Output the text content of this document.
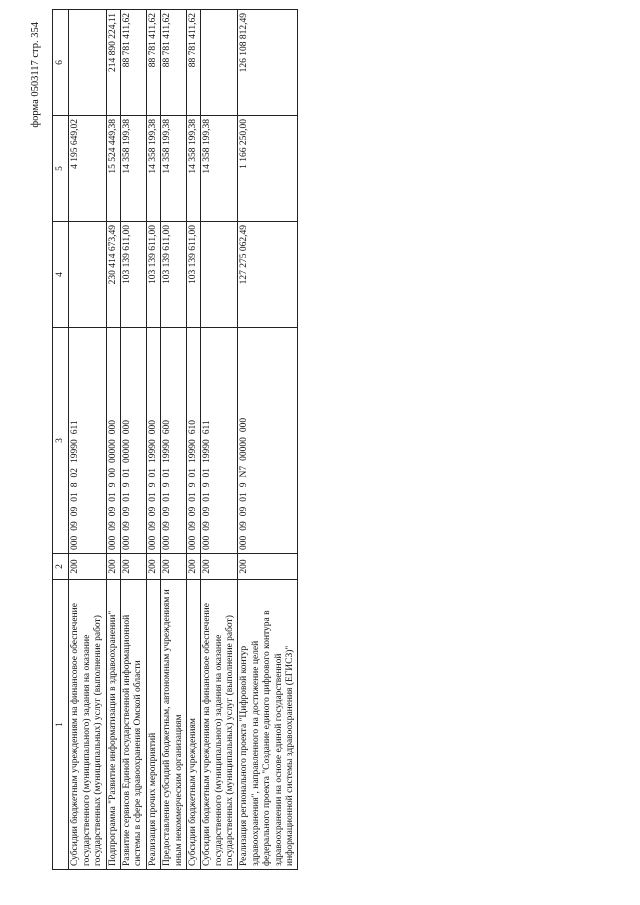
форма 0503117 стр. 354
1	2	3	4	5	6
Субсидии бюджетным учреждениям на финансовое обеспечение государственного (муниципального) задания на оказание государственных (муниципальных) услуг (выполнение работ)	200	00009090180219990611		4 195 649,02	
Подпрограмма "Развитие информатизации в здравоохранении"	200	00009090190000000000	230 414 673,49	15 524 449,38	214 890 224,11
Развитие сервисов Единой государственной информационной системы в сфере здравоохранения Омской области	200	00009090190100000000	103 139 611,00	14 358 199,38	88 781 411,62
Реализация прочих мероприятий	200	00009090190119990000	103 139 611,00	14 358 199,38	88 781 411,62
Предоставление субсидий бюджетным, автономным учреждениям и иным некоммерческим организациям	200	00009090190119990600	103 139 611,00	14 358 199,38	88 781 411,62
Субсидии бюджетным учреждениям	200	00009090190119990610	103 139 611,00	14 358 199,38	88 781 411,62
Субсидии бюджетным учреждениям на финансовое обеспечение государственного (муниципального) задания на оказание государственных (муниципальных) услуг (выполнение работ)	200	00009090190119990611		14 358 199,38	
Реализация регионального проекта "Цифровой контур здравоохранения", направленного на достижение целей федерального проекта "Создание единого цифрового контура в здравоохранении на основе единой государственной информационной системы здравоохранения (ЕГИСЗ)"	200	0000909019N700000000	127 275 062,49	1 166 250,00	126 108 812,49
